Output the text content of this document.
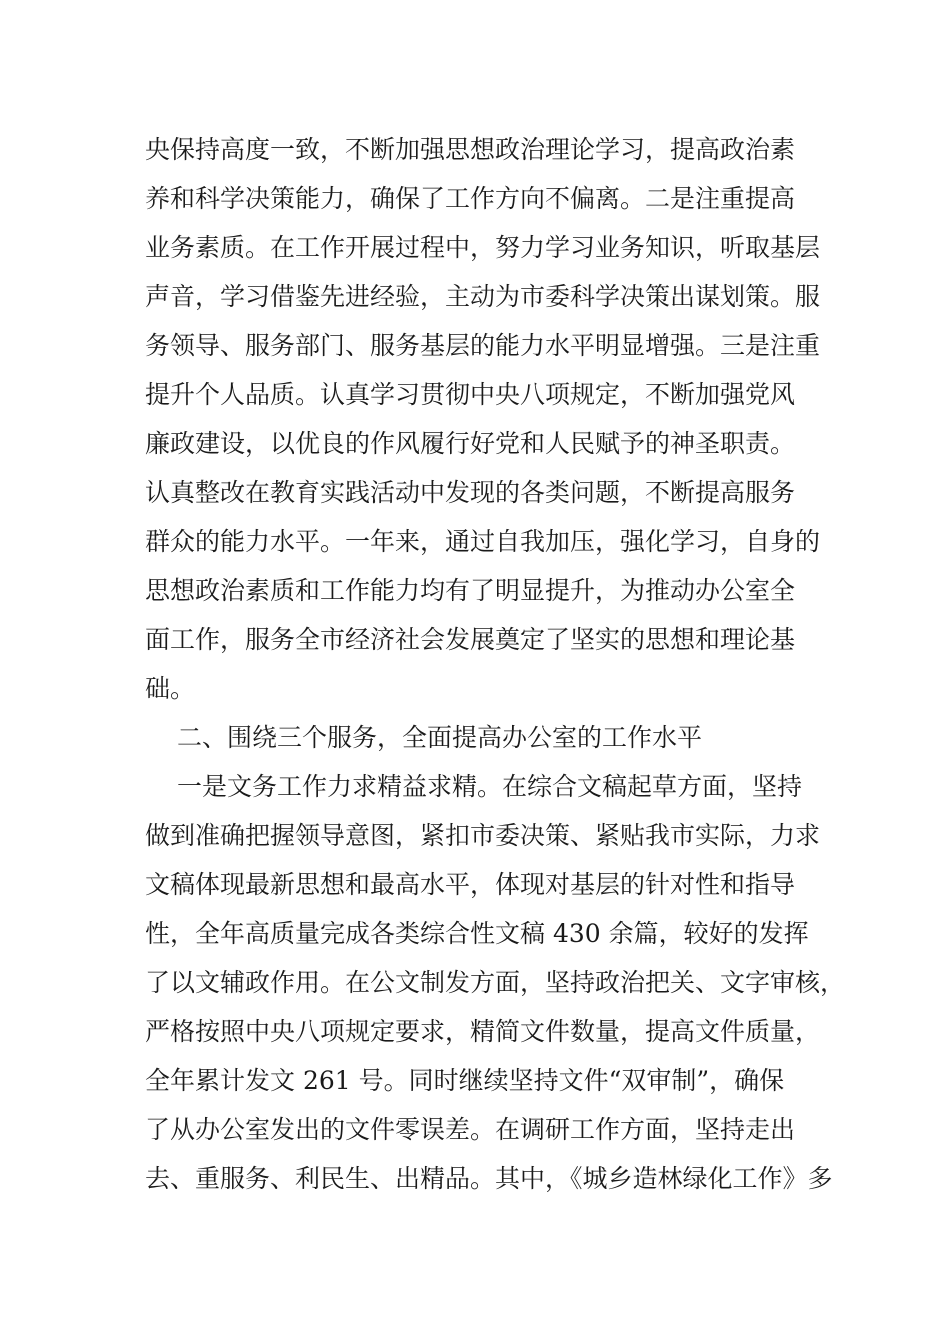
央保持高度一致，不断加强思想政治理论学习，提高政治素
养和科学决策能力，确保了工作方向不偏离。二是注重提高
业务素质。在工作开展过程中，努力学习业务知识，听取基层
声音，学习借鉴先进经验，主动为市委科学决策出谋划策。服
务领导、服务部门、服务基层的能力水平明显增强。三是注重
提升个人品质。认真学习贯彻中央八项规定，不断加强党风
廉政建设，以优良的作风履行好党和人民赋予的神圣职责。
认真整改在教育实践活动中发现的各类问题，不断提高服务
群众的能力水平。一年来，通过自我加压，强化学习，自身的
思想政治素质和工作能力均有了明显提升，为推动办公室全
面工作，服务全市经济社会发展奠定了坚实的思想和理论基
础。
二、围绕三个服务，全面提高办公室的工作水平
一是文务工作力求精益求精。在综合文稿起草方面，坚持
做到准确把握领导意图，紧扣市委决策、紧贴我市实际，力求
文稿体现最新思想和最高水平，体现对基层的针对性和指导
性，全年高质量完成各类综合性文稿 430 余篇，较好的发挥
了以文辅政作用。在公文制发方面，坚持政治把关、文字审核，
严格按照中央八项规定要求，精简文件数量，提高文件质量，
全年累计发文 261 号。同时继续坚持文件“双审制”，确保
了从办公室发出的文件零误差。在调研工作方面，坚持走出
去、重服务、利民生、出精品。其中，《城乡造林绿化工作》多
